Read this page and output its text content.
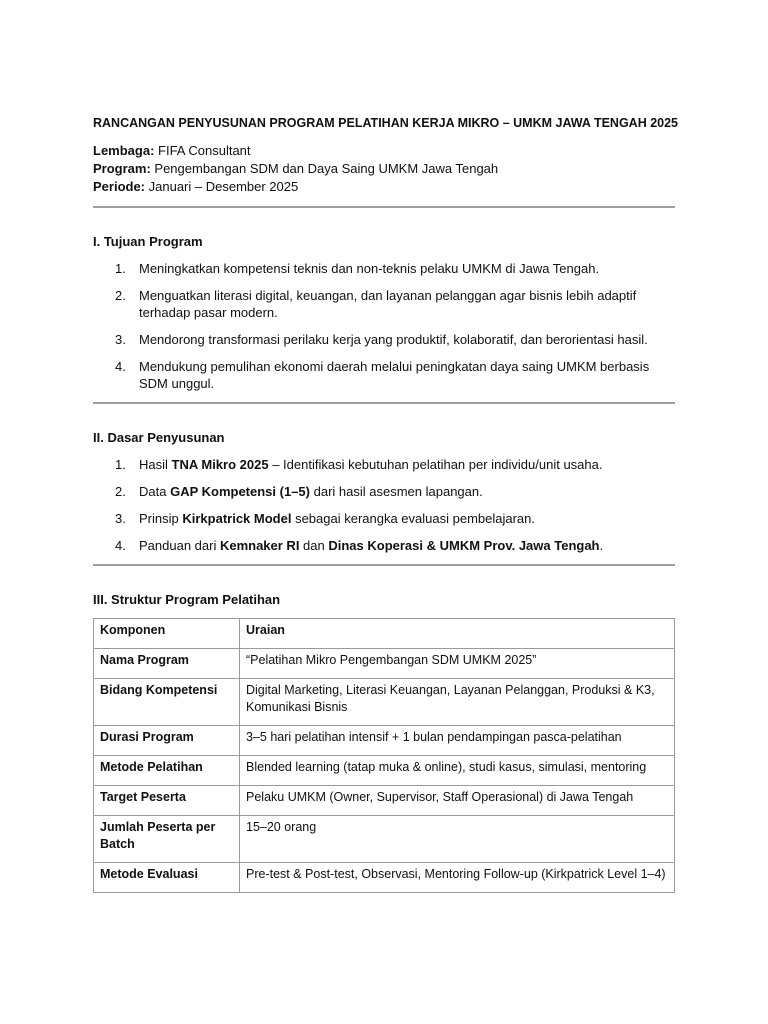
RANCANGAN PENYUSUNAN PROGRAM PELATIHAN KERJA MIKRO – UMKM JAWA TENGAH 2025
Lembaga: FIFA Consultant
Program: Pengembangan SDM dan Daya Saing UMKM Jawa Tengah
Periode: Januari – Desember 2025
I. Tujuan Program
1. Meningkatkan kompetensi teknis dan non-teknis pelaku UMKM di Jawa Tengah.
2. Menguatkan literasi digital, keuangan, dan layanan pelanggan agar bisnis lebih adaptif terhadap pasar modern.
3. Mendorong transformasi perilaku kerja yang produktif, kolaboratif, dan berorientasi hasil.
4. Mendukung pemulihan ekonomi daerah melalui peningkatan daya saing UMKM berbasis SDM unggul.
II. Dasar Penyusunan
1. Hasil TNA Mikro 2025 – Identifikasi kebutuhan pelatihan per individu/unit usaha.
2. Data GAP Kompetensi (1–5) dari hasil asesmen lapangan.
3. Prinsip Kirkpatrick Model sebagai kerangka evaluasi pembelajaran.
4. Panduan dari Kemnaker RI dan Dinas Koperasi & UMKM Prov. Jawa Tengah.
III. Struktur Program Pelatihan
Komponen	Uraian
Nama Program	“Pelatihan Mikro Pengembangan SDM UMKM 2025”
Bidang Kompetensi	Digital Marketing, Literasi Keuangan, Layanan Pelanggan, Produksi & K3, Komunikasi Bisnis
Durasi Program	3–5 hari pelatihan intensif + 1 bulan pendampingan pasca-pelatihan
Metode Pelatihan	Blended learning (tatap muka & online), studi kasus, simulasi, mentoring
Target Peserta	Pelaku UMKM (Owner, Supervisor, Staff Operasional) di Jawa Tengah
Jumlah Peserta per Batch	15–20 orang
Metode Evaluasi	Pre-test & Post-test, Observasi, Mentoring Follow-up (Kirkpatrick Level 1–4)
